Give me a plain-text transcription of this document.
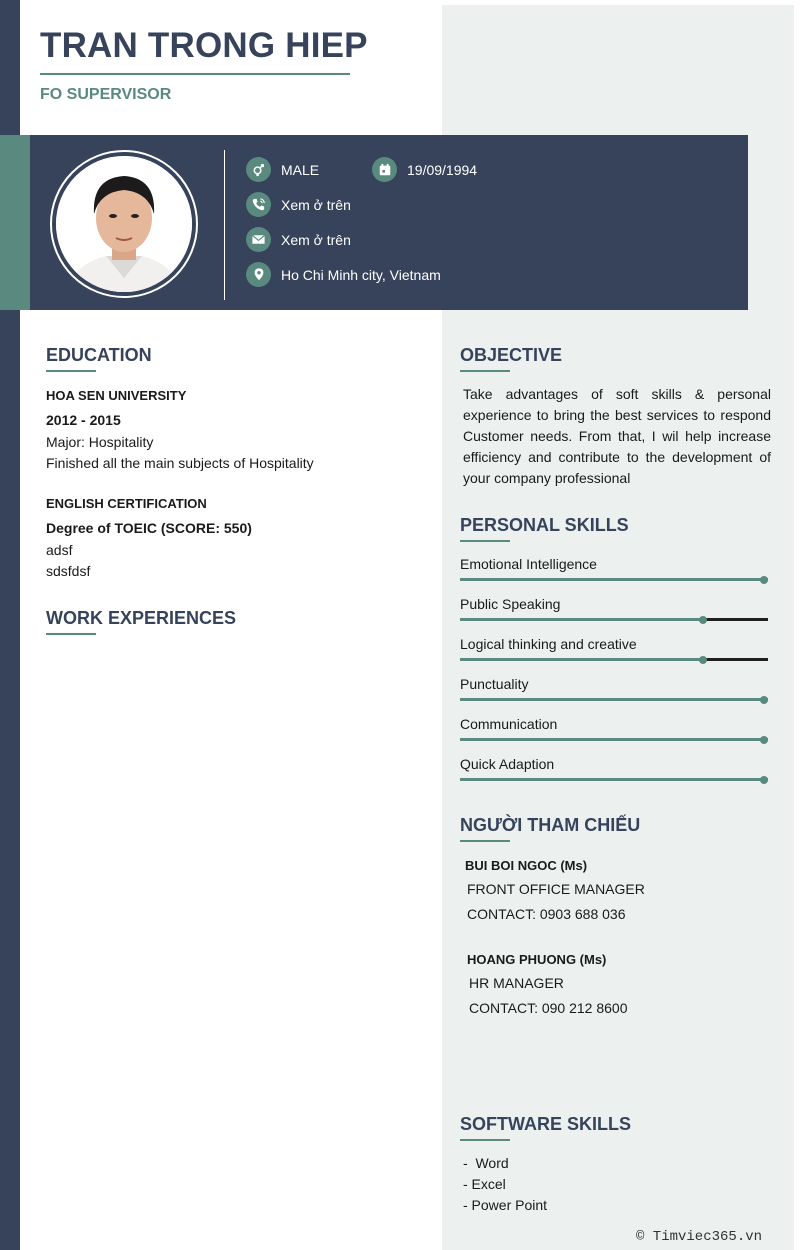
TRAN TRONG HIEP
FO SUPERVISOR
MALE	19/09/1994
Xem ở trên
Xem ở trên
Ho Chi Minh city, Vietnam
EDUCATION
HOA SEN UNIVERSITY
2012 - 2015
Major: Hospitality
Finished all the main subjects of Hospitality
ENGLISH CERTIFICATION
Degree of TOEIC (SCORE: 550)
adsf
sdsfdsf
WORK EXPERIENCES
OBJECTIVE
Take advantages of soft skills & personal experience to bring the best services to respond Customer needs. From that, I wil help increase efficiency and contribute to the development of your company professional
PERSONAL SKILLS
Emotional Intelligence
Public Speaking
Logical thinking and creative
Punctuality
Communication
Quick Adaption
NGƯỜI THAM CHIẾU
BUI BOI NGOC (Ms)
FRONT OFFICE MANAGER
CONTACT: 0903 688 036
HOANG PHUONG (Ms)
HR MANAGER
CONTACT: 090 212 8600
SOFTWARE SKILLS
-  Word
- Excel
- Power Point
© Timviec365.vn
